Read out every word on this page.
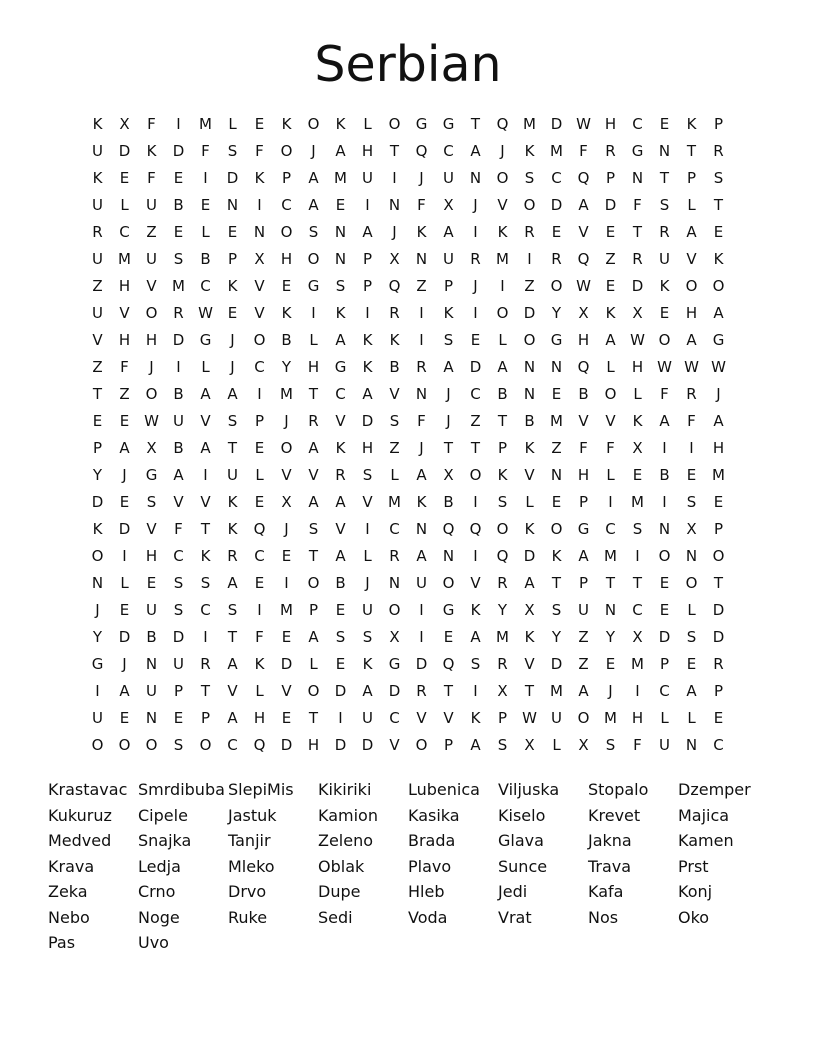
Serbian
K	X	F	I	M	L	E	K	O	K	L	O	G	G	T	Q M D W H	C	E	K	P
U	D	K	D	F	S	F	O	J	A	H	T	Q	C	A	J	K	M	F	R	G	N	T	R
K	E	F	E	I	D	K	P	A	M	U	I	J	U	N	O	S	C	Q	P	N	T	P	S
U	L	U	B	E	N	I	C	A	E	I	N	F	X	J	V	O	D	A	D	F	S	L	T
R	C	Z	E	L	E	N	O	S	N	A	J	K	A	I	K	R	E	V	E	T	R	A	E
U	M	U	S	B	P	X	H	O	N	P	X	N	U	R	M	I	R	Q	Z	R	U	V	K
Z	H	V	M	C	K	V	E	G	S	P	Q	Z	P	J	I	Z	O W E	D	K	O	O
U	V	O	R W E	V	K	I	K	I	R	I	K	I	O	D	Y	X	K	X	E	H	A
V	H	H	D	G	J	O	B	L	A	K	K	I	S	E	L	O	G	H	A W O	A	G
Z	F	J	I	L	J	C	Y	H	G	K	B	R	A	D	A	N	N	Q	L	H W W W
T	Z	O	B	A	A	I	M	T	C	A	V	N	J	C	B	N	E	B	O	L	F	R	J
E	E W U	V	S	P	J	R	V	D	S	F	J	Z	T	B	M	V	V	K	A	F	A
P	A	X	B	A	T	E	O	A	K	H	Z	J	T	T	P	K	Z	F	F	X	I	I	H
Y	J	G	A	I	U	L	V	V	R	S	L	A	X	O	K	V	N	H	L	E	B	E	M
D	E	S	V	V	K	E	X	A	A	V	M	K	B	I	S	L	E	P	I	M	I	S	E
K	D	V	F	T	K	Q	J	S	V	I	C	N	Q	Q	O	K	O	G	C	S	N	X	P
O	I	H	C	K	R	C	E	T	A	L	R	A	N	I	Q	D	K	A	M	I	O	N	O
N	L	E	S	S	A	E	I	O	B	J	N	U	O	V	R	A	T	P	T	T	E	O	T
J	E	U	S	C	S	I	M	P	E	U	O	I	G	K	Y	X	S	U	N	C	E	L	D
Y	D	B	D	I	T	F	E	A	S	S	X	I	E	A	M	K	Y	Z	Y	X	D	S	D
G	J	N	U	R	A	K	D	L	E	K	G	D	Q	S	R	V	D	Z	E	M	P	E	R
I	A	U	P	T	V	L	V	O	D	A	D	R	T	I	X	T	M	A	J	I	C	A	P
U	E	N	E	P	A	H	E	T	I	U	C	V	V	K	P	W U	O M H	L	L	E
O	O	O	S	O	C	Q	D	H	D	D	V	O	P	A	S	X	L	X	S	F	U	N	C
Krastavac Smrdibuba SlepiMis	Kikiriki	Lubenica	Viljuska	Stopalo	Dzemper
Kukuruz	Cipele	Jastuk	Kamion	Kasika	Kiselo	Krevet	Majica
Medved	Snajka	Tanjir	Zeleno	Brada	Glava	Jakna	Kamen
Krava	Ledja	Mleko	Oblak	Plavo	Sunce	Trava	Prst
Zeka	Crno	Drvo	Dupe	Hleb	Jedi	Kafa	Konj
Nebo	Noge	Ruke	Sedi	Voda	Vrat	Nos	Oko
Pas	Uvo
